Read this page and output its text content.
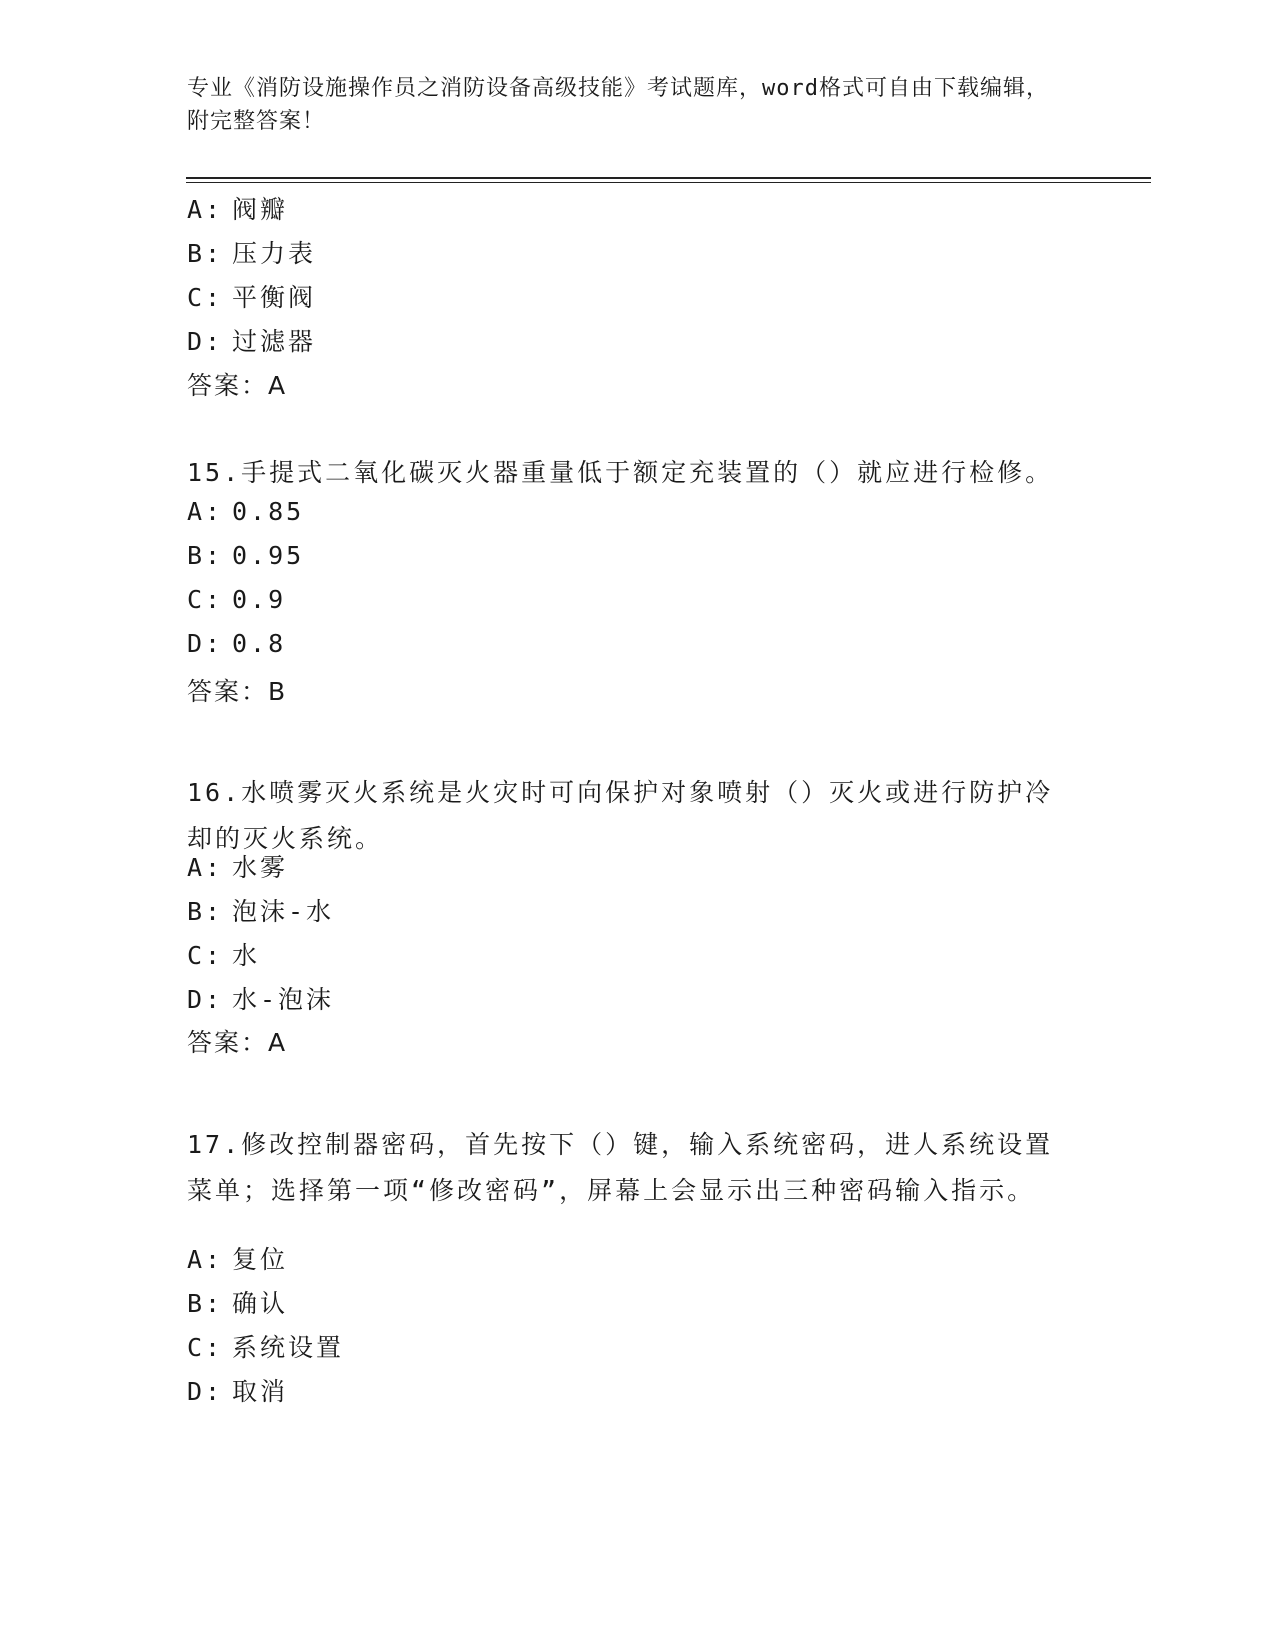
专业《消防设施操作员之消防设备高级技能》考试题库，word格式可自由下载编辑，附完整答案！
A: 阀瓣
B: 压力表
C: 平衡阀
D: 过滤器
答案：A
15.手提式二氧化碳灭火器重量低于额定充装置的（）就应进行检修。
A: 0.85
B: 0.95
C: 0.9
D: 0.8
答案：B
16.水喷雾灭火系统是火灾时可向保护对象喷射（）灭火或进行防护冷却的灭火系统。
A: 水雾
B: 泡沫-水
C: 水
D: 水-泡沫
答案：A
17.修改控制器密码，首先按下（）键，输入系统密码，进人系统设置菜单；选择第一项“修改密码”，屏幕上会显示出三种密码输入指示。
A: 复位
B: 确认
C: 系统设置
D: 取消
